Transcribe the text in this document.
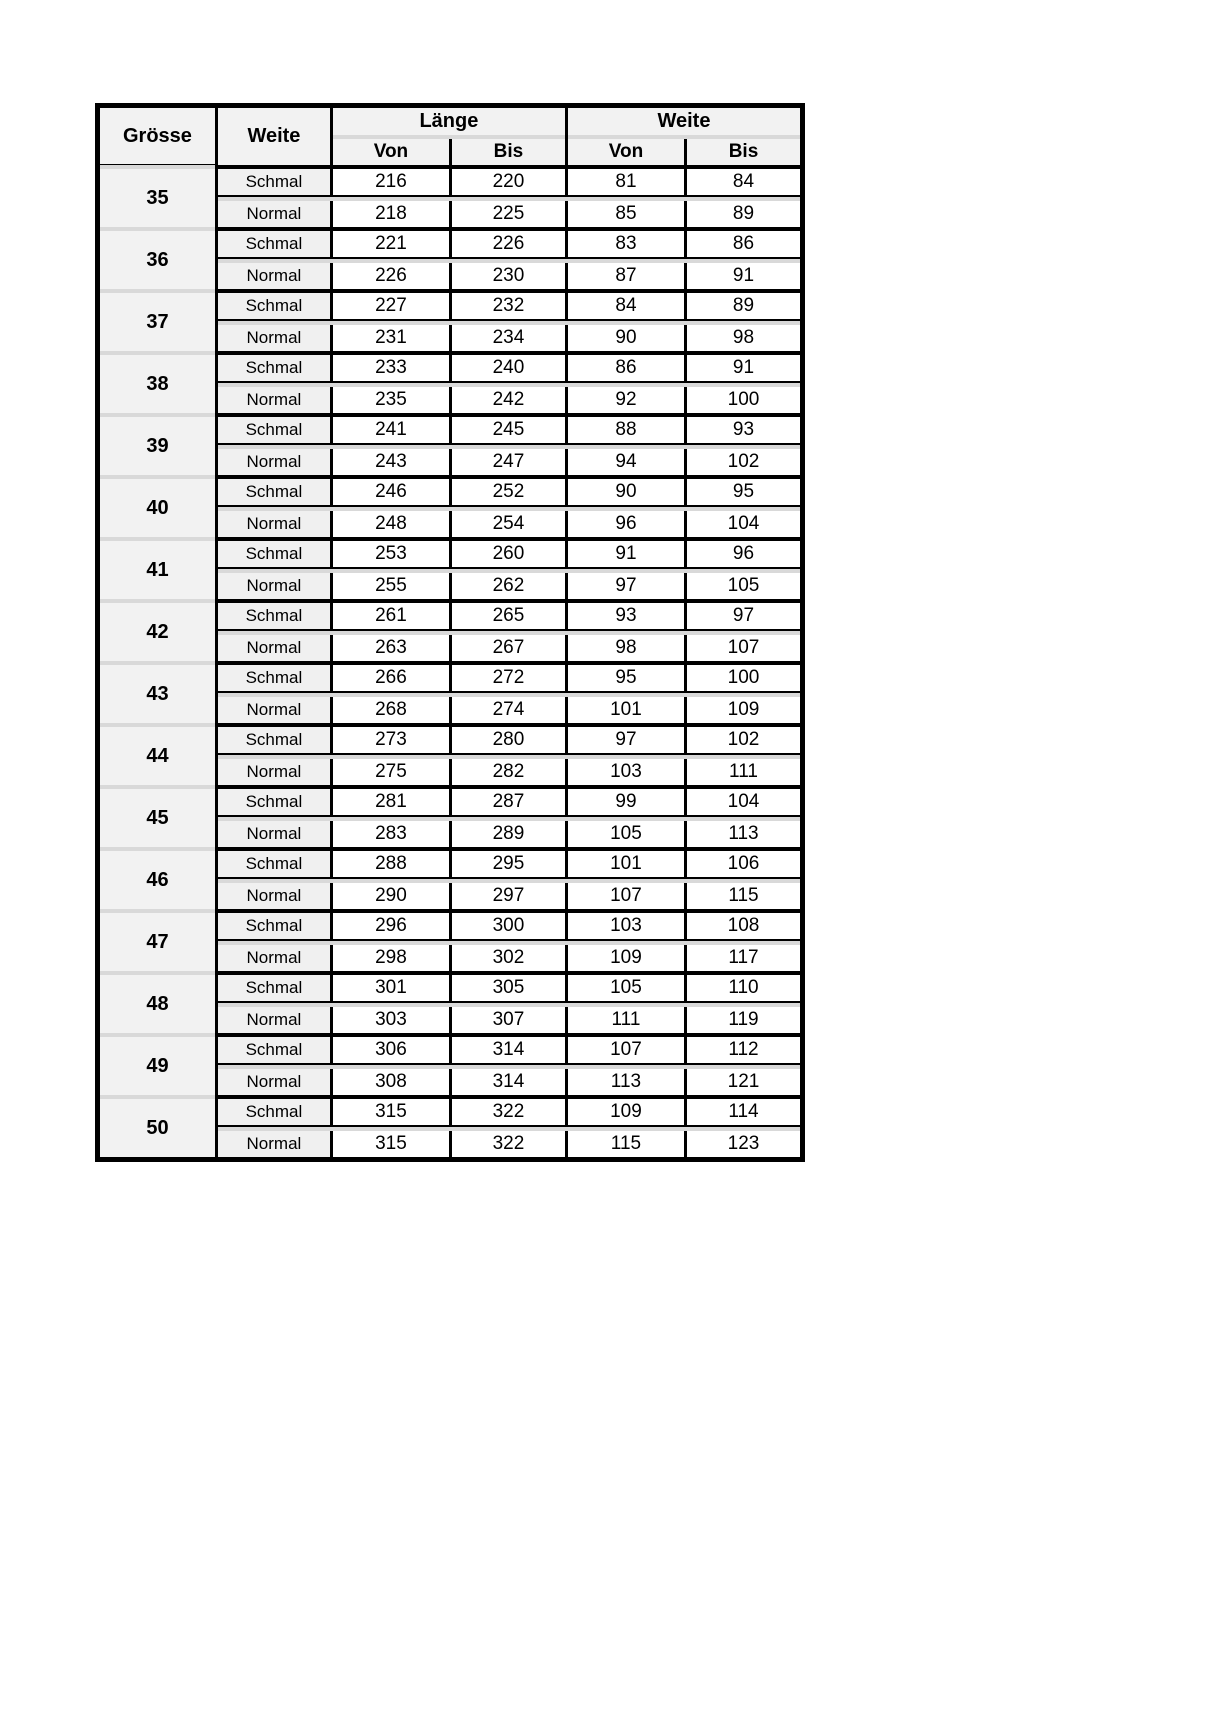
Grösse	Weite	Länge		Weite	

		Von	Bis	Von	Bis

35	Schmal	216	220	81	84

	Normal	218	225	85	89

36	Schmal	221	226	83	86

	Normal	226	230	87	91

37	Schmal	227	232	84	89

	Normal	231	234	90	98

38	Schmal	233	240	86	91

	Normal	235	242	92	100

39	Schmal	241	245	88	93

	Normal	243	247	94	102

40	Schmal	246	252	90	95

	Normal	248	254	96	104

41	Schmal	253	260	91	96

	Normal	255	262	97	105

42	Schmal	261	265	93	97

	Normal	263	267	98	107

43	Schmal	266	272	95	100

	Normal	268	274	101	109

44	Schmal	273	280	97	102

	Normal	275	282	103	111

45	Schmal	281	287	99	104

	Normal	283	289	105	113

46	Schmal	288	295	101	106

	Normal	290	297	107	115

47	Schmal	296	300	103	108

	Normal	298	302	109	117

48	Schmal	301	305	105	110

	Normal	303	307	111	119

49	Schmal	306	314	107	112

	Normal	308	314	113	121

50	Schmal	315	322	109	114

	Normal	315	322	115	123
